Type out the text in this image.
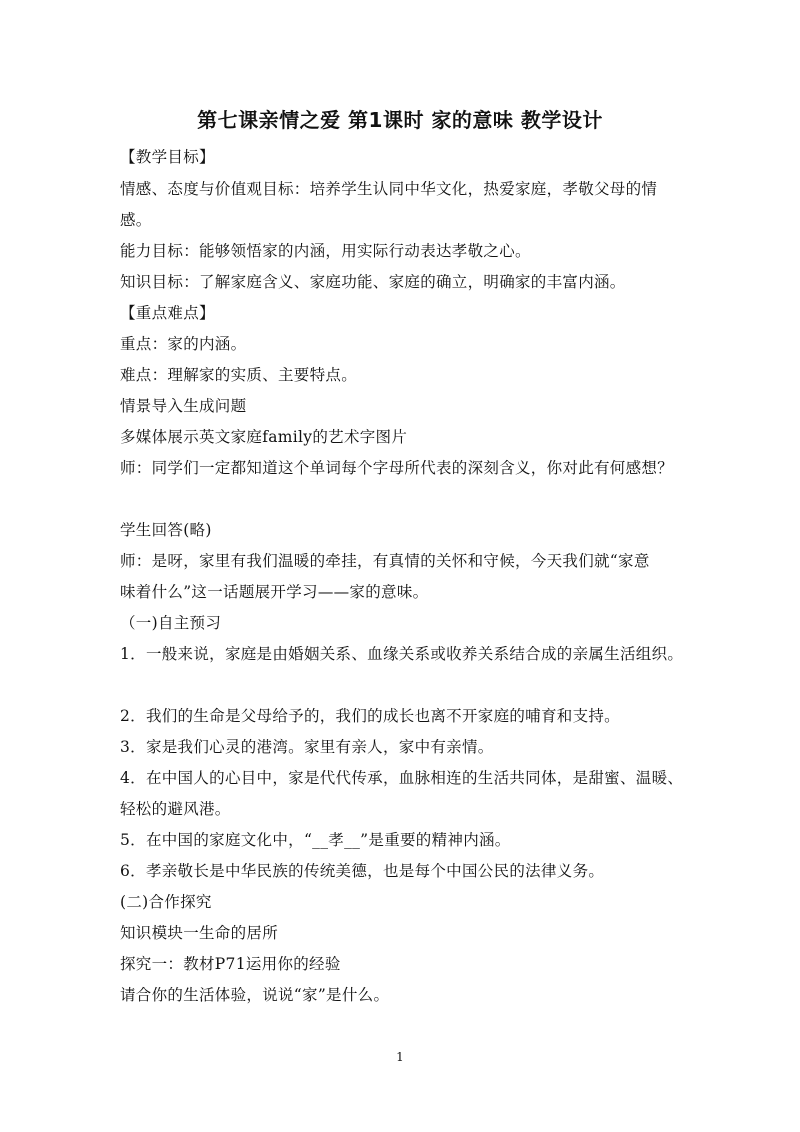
第七课亲情之爱 第1课时 家的意味 教学设计
【教学目标】
情感、态度与价值观目标：培养学生认同中华文化，热爱家庭，孝敬父母的情
感。
能力目标：能够领悟家的内涵，用实际行动表达孝敬之心。
知识目标：了解家庭含义、家庭功能、家庭的确立，明确家的丰富内涵。
【重点难点】
重点：家的内涵。
难点：理解家的实质、主要特点。
情景导入生成问题
多媒体展示英文家庭family的艺术字图片
师：同学们一定都知道这个单词每个字母所代表的深刻含义，你对此有何感想？
学生回答(略)
师：是呀，家里有我们温暖的牵挂，有真情的关怀和守候，今天我们就“家意
味着什么”这一话题展开学习——家的意味。
（一)自主预习
1．一般来说，家庭是由婚姻关系、血缘关系或收养关系结合成的亲属生活组织。
2．我们的生命是父母给予的，我们的成长也离不开家庭的哺育和支持。
3．家是我们心灵的港湾。家里有亲人，家中有亲情。
4．在中国人的心目中，家是代代传承，血脉相连的生活共同体，是甜蜜、温暖、
轻松的避风港。
5．在中国的家庭文化中，“__孝__”是重要的精神内涵。
6．孝亲敬长是中华民族的传统美德，也是每个中国公民的法律义务。
(二)合作探究
知识模块一生命的居所
探究一：教材P71运用你的经验
请合你的生活体验，说说“家”是什么。
1
